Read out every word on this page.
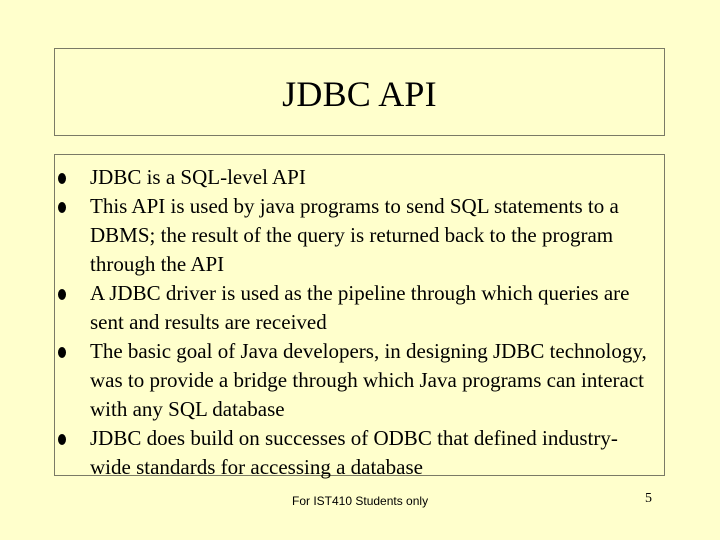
JDBC API
JDBC is a SQL-level API
This API is used by java programs to send SQL statements to a DBMS; the result of the query is returned back to the program through the API
A JDBC driver is used as the pipeline through which queries are sent and results are received
The basic goal of Java developers, in designing JDBC technology, was to provide a bridge through which Java programs can interact with any SQL database
JDBC does build on successes of ODBC that defined industry-wide standards for accessing a database
For IST410 Students only	5
